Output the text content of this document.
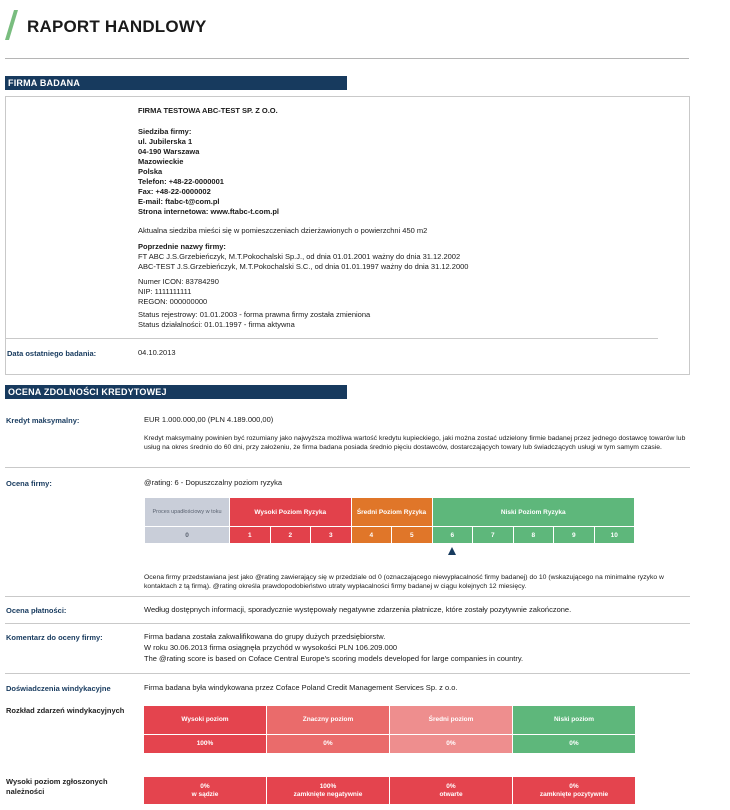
RAPORT HANDLOWY
FIRMA BADANA
FIRMA TESTOWA ABC-TEST SP. Z O.O.
Siedziba firmy:
ul. Jubilerska 1
04-190 Warszawa
Mazowieckie
Polska
Telefon: +48-22-0000001
Fax: +48-22-0000002
E-mail: ftabc-t@com.pl
Strona internetowa: www.ftabc-t.com.pl
Aktualna siedziba mieści się w pomieszczeniach dzierżawionych o powierzchni 450 m2
Poprzednie nazwy firmy:
FT ABC J.S.Grzebieńczyk, M.T.Pokochalski Sp.J., od dnia 01.01.2001 ważny do dnia 31.12.2002
ABC-TEST J.S.Grzebieńczyk, M.T.Pokochalski S.C., od dnia 01.01.1997 ważny do dnia 31.12.2000
Numer ICON: 83784290
NIP: 1111111111
REGON: 000000000
Status rejestrowy: 01.01.2003 - forma prawna firmy została zmieniona
Status działalności: 01.01.1997 - firma aktywna
Data ostatniego badania:	04.10.2013
OCENA ZDOLNOŚCI KREDYTOWEJ
Kredyt maksymalny:	EUR 1.000.000,00 (PLN 4.189.000,00)
Kredyt maksymalny powinien być rozumiany jako najwyższa możliwa wartość kredytu kupieckiego, jaki można zostać udzielony firmie badanej przez jednego dostawcę towarów lub usług na okres średnio do 60 dni, przy założeniu, że firma badana posiada średnio pięciu dostawców, dostarczających towary lub świadczących usługi w tym samym czasie.
Ocena firmy:	@rating: 6 - Dopuszczalny poziom ryzyka
Proces upadłościowy w toku
0
Wysoki Poziom Ryzyka
1	2	3
Średni Poziom Ryzyka
4	5
Niski Poziom Ryzyka
6	7	8	9	10
Ocena firmy przedstawiana jest jako @rating zawierający się w przedziale od 0 (oznaczającego niewypłacalność firmy badanej) do 10 (wskazującego na minimalne ryzyko w kontaktach z tą firmą). @rating określa prawdopodobieństwo utraty wypłacalności firmy badanej w ciągu kolejnych 12 miesięcy.
Ocena płatności:	Według dostępnych informacji, sporadycznie występowały negatywne zdarzenia płatnicze, które zostały pozytywnie zakończone.
Komentarz do oceny firmy:	Firma badana została zakwalifikowana do grupy dużych przedsiębiorstw.
W roku 30.06.2013 firma osiągnęła przychód w wysokości PLN 106.209.000
The @rating score is based on Coface Central Europe's scoring models developed for large companies in country.
Doświadczenia windykacyjne	Firma badana była windykowana przez Coface Poland Credit Management Services Sp. z o.o.
Rozkład zdarzeń windykacyjnych
Wysoki poziom
100%
Znaczny poziom
0%
Średni poziom
0%
Niski poziom
0%
Wysoki poziom zgłoszonych należności
0%
w sądzie
100%
zamknięte negatywnie
0%
otwarte
0%
zamknięte pozytywnie
